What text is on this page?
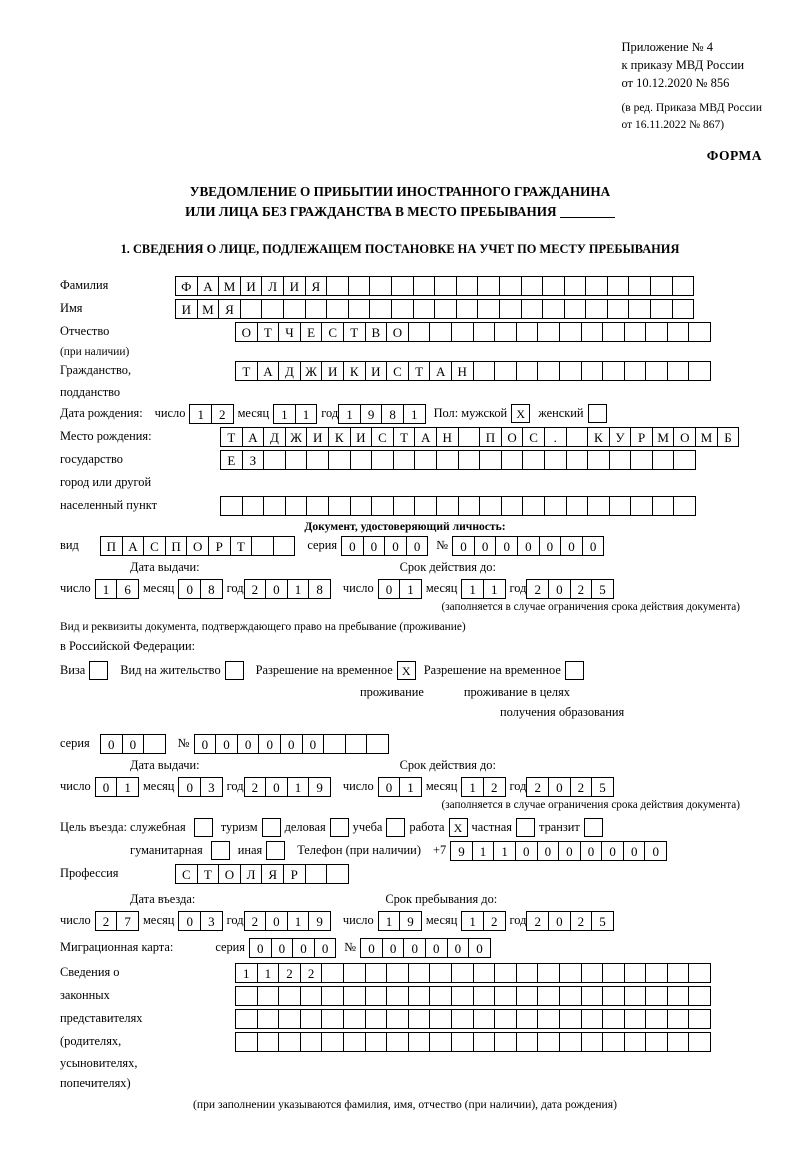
Приложение № 4
к приказу МВД России
от 10.12.2020 № 856
(в ред. Приказа МВД России
от 16.11.2022 № 867)
ФОРМА
УВЕДОМЛЕНИЕ О ПРИБЫТИИ ИНОСТРАННОГО ГРАЖДАНИНА
ИЛИ ЛИЦА БЕЗ ГРАЖДАНСТВА В МЕСТО ПРЕБЫВАНИЯ
1. СВЕДЕНИЯ О ЛИЦЕ, ПОДЛЕЖАЩЕМ ПОСТАНОВКЕ НА УЧЕТ ПО МЕСТУ ПРЕБЫВАНИЯ
Фамилия	Ф А М И Л И Я
Имя	И М Я
Отчество	О Т	Ч	Е	С	Т	В О
(при наличии)
Гражданство,	Т А Д Ж И К И С	Т А Н
подданство
Дата рождения: число 1	2 месяц 1	1 год 1	9	8	1	Пол: мужской X	женский
Место рождения:	Т А Д Ж И К И С	Т А Н	П О С	.	К У	Р М О М Б
государство	Е	З
город или другой
населенный пункт
Документ, удостоверяющий личность:
вид	П А С П О	Р	Т	серия 0	0	0	0	№ 0	0	0	0	0	0	0
Дата выдачи:	Срок действия до:
число 1	6 месяц 0	8 год 2	0	1	8	число 0	1 месяц 1	1 год 2	0	2	5
(заполняется в случае ограничения срока действия документа)
Вид и реквизиты документа, подтверждающего право на пребывание (проживание)
в Российской Федерации:
Виза	Вид на жительство	Разрешение на временное X	Разрешение на временное
проживание	проживание в целях
получения образования
серия	0	0	№ 0	0	0	0	0	0
Дата выдачи:	Срок действия до:
число 0	1 месяц 0	3 год 2	0	1	9	число 0	1 месяц 1	2 год 2	0	2	5
(заполняется в случае ограничения срока действия документа)
Цель въезда: служебная	туризм деловая учеба работа X частная транзит
гуманитарная	иная	Телефон (при наличии) +7 9	1	1	0	0	0	0	0	0	0
Профессия	С	Т О Л Я	Р
Дата въезда:	Срок пребывания до:
число 2	7 месяц 0	3 год 2	0	1	9	число 1	9 месяц 1	2 год 2	0	2	5
Миграционная карта:	серия 0	0	0	0	№ 0	0	0	0	0	0
Сведения о	1	1	2	2
законных
представителях
(родителях,
усыновителях,
попечителях)
(при заполнении указываются фамилия, имя, отчество (при наличии), дата рождения)
